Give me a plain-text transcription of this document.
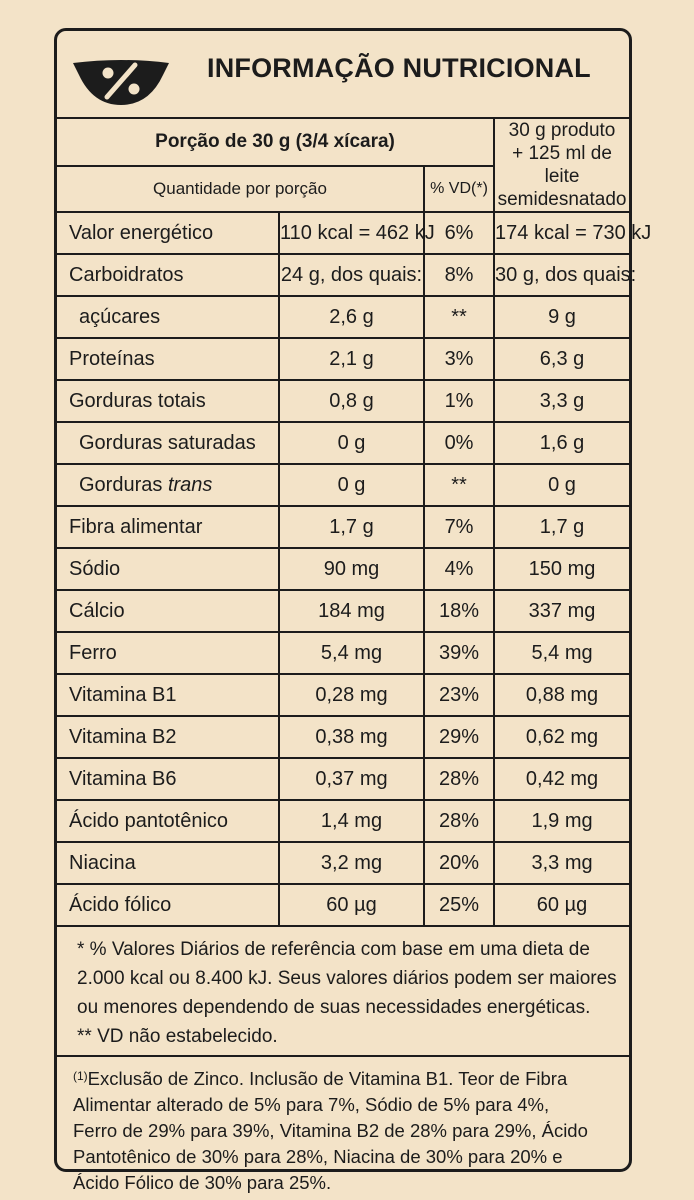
INFORMAÇÃO NUTRICIONAL
Porção de 30 g (3/4 xícara)			30 g produto
+ 125 ml de leite
semidesnatado

Quantidade por porção		% VD(*)	
Valor energético	110 kcal = 462 kJ	6%	174 kcal = 730 kJ
Carboidratos	24 g, dos quais:	8%	30 g, dos quais:
açúcares	2,6 g	**	9 g
Proteínas	2,1 g	3%	6,3 g
Gorduras totais	0,8 g	1%	3,3 g
Gorduras saturadas	0 g	0%	1,6 g
Gorduras trans	0 g	**	0 g
Fibra alimentar	1,7 g	7%	1,7 g
Sódio	90 mg	4%	150 mg
Cálcio	184 mg	18%	337 mg
Ferro	5,4 mg	39%	5,4 mg
Vitamina B1	0,28 mg	23%	0,88 mg
Vitamina B2	0,38 mg	29%	0,62 mg
Vitamina B6	0,37 mg	28%	0,42 mg
Ácido pantotênico	1,4 mg	28%	1,9 mg
Niacina	3,2 mg	20%	3,3 mg
Ácido fólico	60 µg	25%	60 µg
* % Valores Diários de referência com base em uma dieta de
2.000 kcal ou 8.400 kJ. Seus valores diários podem ser maiores
ou menores dependendo de suas necessidades energéticas.
** VD não estabelecido.
$^{(1)}$Exclusão de Zinco. Inclusão de Vitamina B1. Teor de Fibra
Alimentar alterado de 5% para 7%, Sódio de 5% para 4%,
Ferro de 29% para 39%, Vitamina B2 de 28% para 29%, Ácido
Pantotênico de 30% para 28%, Niacina de 30% para 20% e
Ácido Fólico de 30% para 25%.
